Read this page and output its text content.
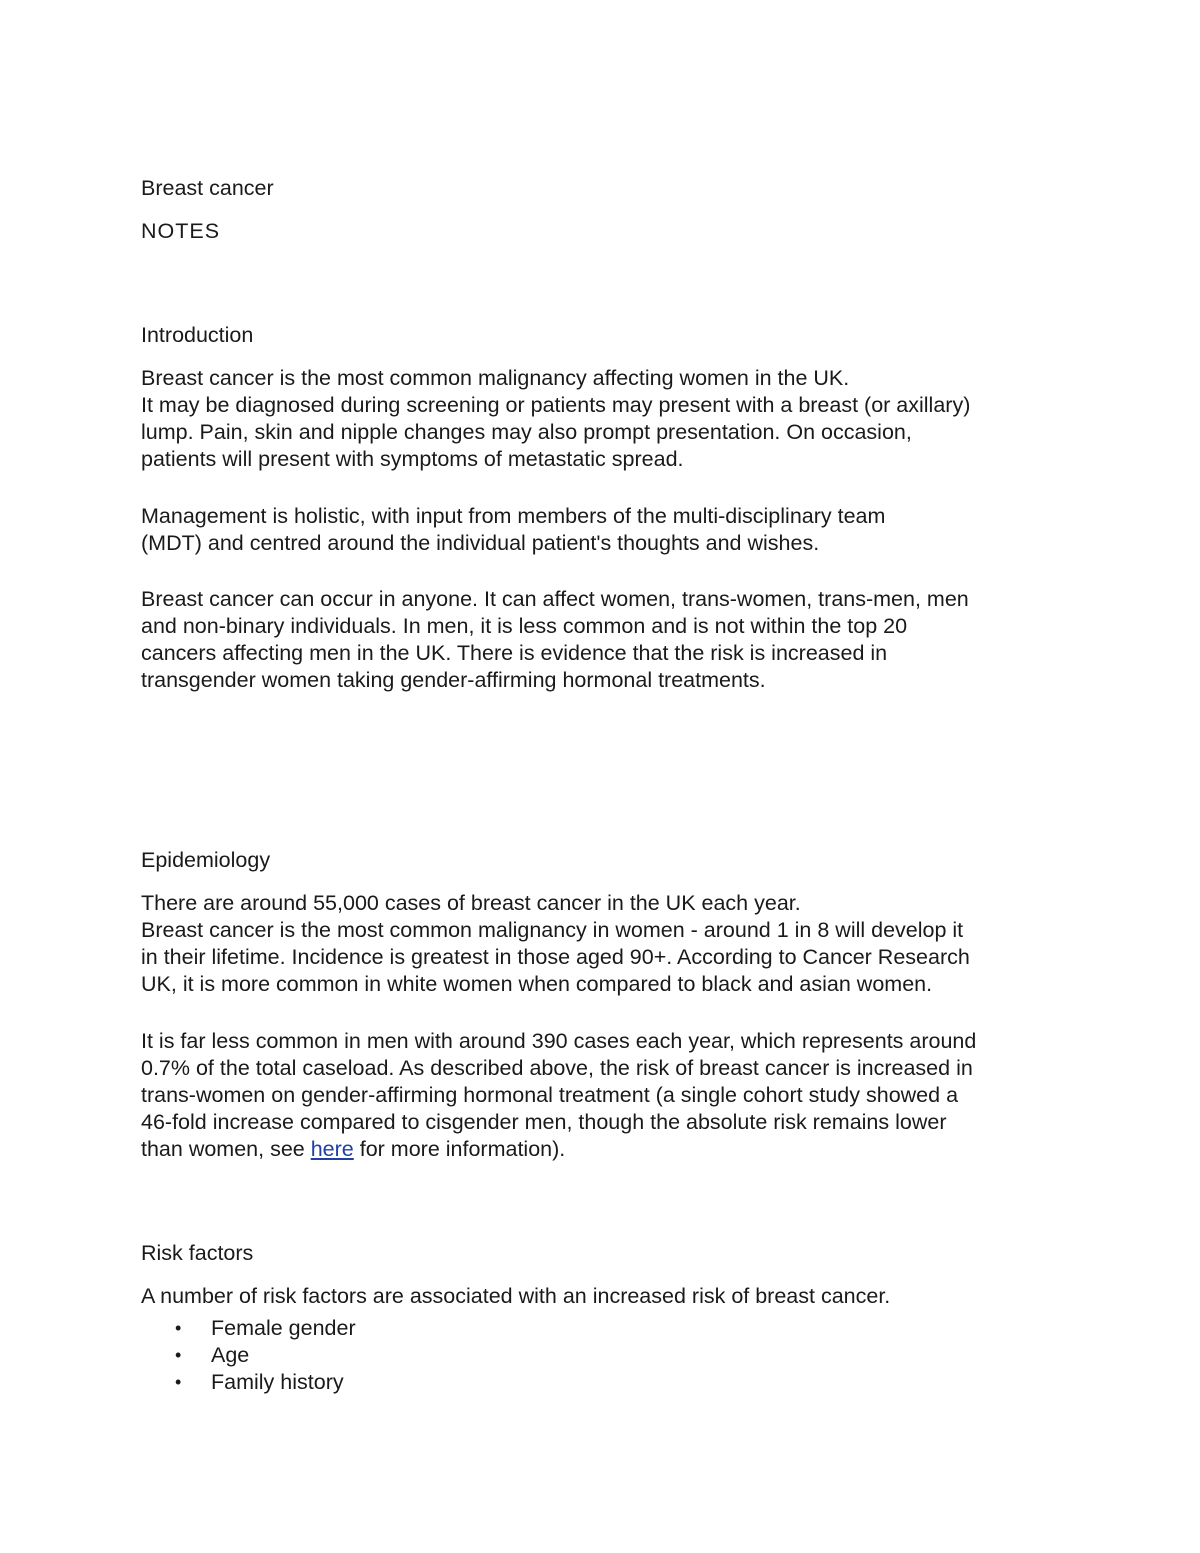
Breast cancer
NOTES
Introduction

Breast cancer is the most common malignancy affecting women in the UK.
It may be diagnosed during screening or patients may present with a breast (or axillary)
lump. Pain, skin and nipple changes may also prompt presentation. On occasion,
patients will present with symptoms of metastatic spread.

Management is holistic, with input from members of the multi-disciplinary team
(MDT) and centred around the individual patient's thoughts and wishes.

Breast cancer can occur in anyone. It can affect women, trans-women, trans-men, men
and non-binary individuals. In men, it is less common and is not within the top 20
cancers affecting men in the UK. There is evidence that the risk is increased in
transgender women taking gender-affirming hormonal treatments.

Epidemiology

There are around 55,000 cases of breast cancer in the UK each year.
Breast cancer is the most common malignancy in women - around 1 in 8 will develop it
in their lifetime. Incidence is greatest in those aged 90+. According to Cancer Research
UK, it is more common in white women when compared to black and asian women.

It is far less common in men with around 390 cases each year, which represents around
0.7% of the total caseload. As described above, the risk of breast cancer is increased in
trans-women on gender-affirming hormonal treatment (a single cohort study showed a
46-fold increase compared to cisgender men, though the absolute risk remains lower
than women, see here for more information).

Risk factors

A number of risk factors are associated with an increased risk of breast cancer.

• Female gender
• Age
• Family history
